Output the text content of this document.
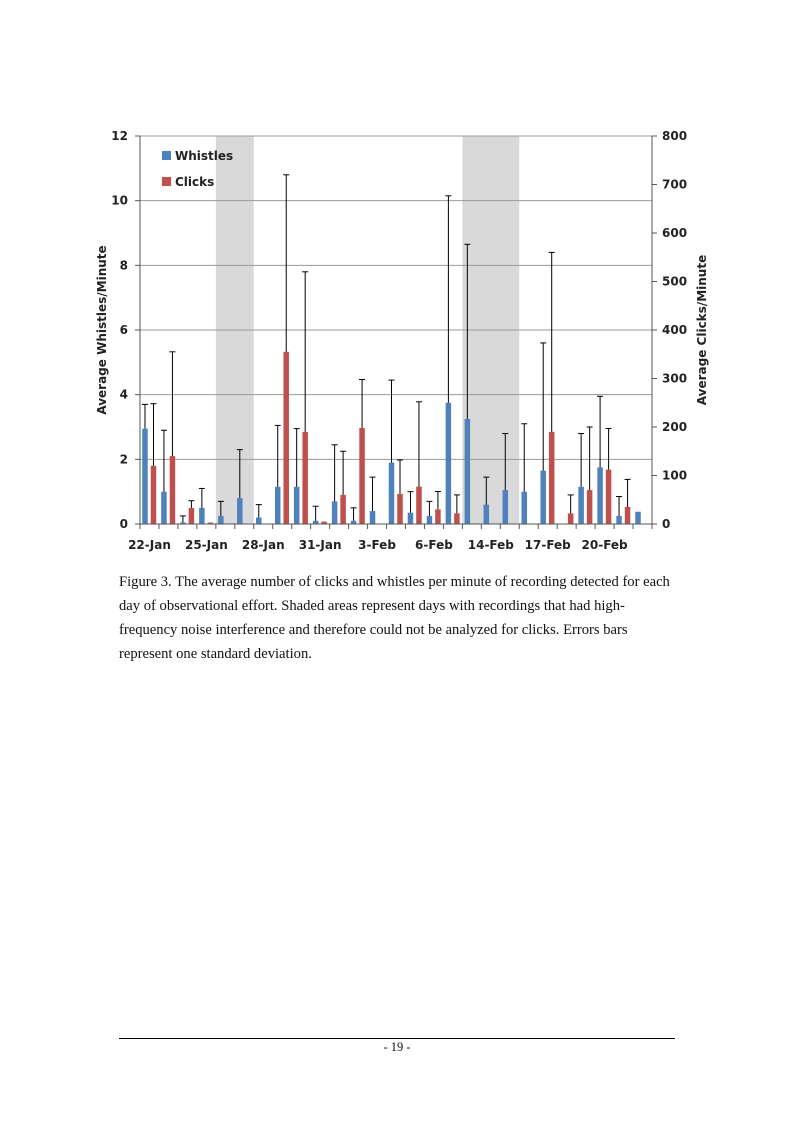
0
2
4
6
8
10
12
0
100
200
300
400
500
600
700
800
22-Jan 25-Jan 28-Jan 31-Jan 3-Feb 6-Feb 14-Feb 17-Feb 20-Feb
Average Whistles/Minute	Average Clicks/Minute
Whistles
Clicks
Figure 3. The average number of clicks and whistles per minute of recording detected for each day of observational effort. Shaded areas represent days with recordings that had high-frequency noise interference and therefore could not be analyzed for clicks. Errors bars represent one standard deviation.
- 19 -
